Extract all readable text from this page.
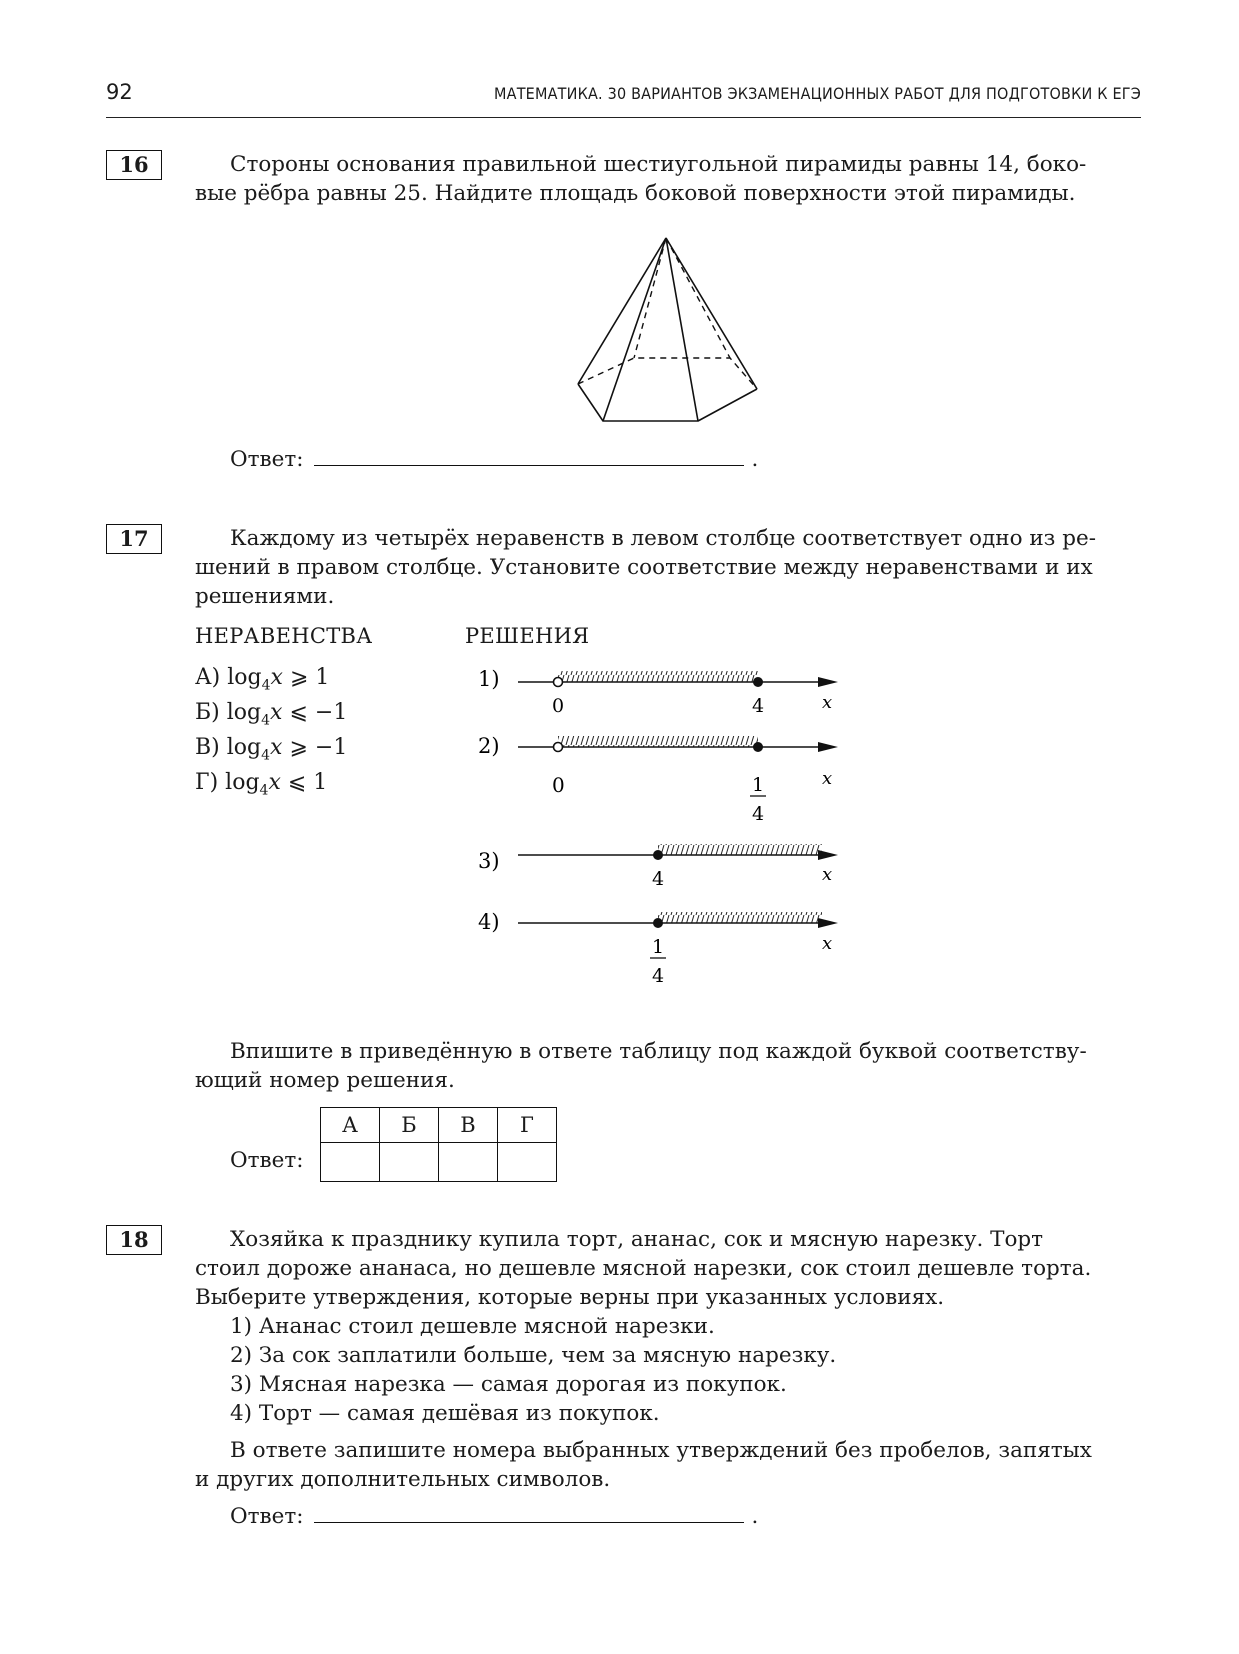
92	МАТЕМАТИКА. 30 ВАРИАНТОВ ЭКЗАМЕНАЦИОННЫХ РАБОТ ДЛЯ ПОДГОТОВКИ К ЕГЭ
16	Стороны основания правильной шестиугольной пирамиды равны 14, боко-
вые рёбра равны 25. Найдите площадь боковой поверхности этой пирамиды.
Ответ:	.
17	Каждому из четырёх неравенств в левом столбце соответствует одно из ре-
шений в правом столбце. Установите соответствие между неравенствами и их
решениями.
НЕРАВЕНСТВА	РЕШЕНИЯ
А) $\log_4x$ ⩾ 1
Б) $\log_4x$ ⩽ −1
В) $\log_4x$ ⩾ −1
Г) $\log_4x$ ⩽ 1
1)
0	4	x
2)
0	1
4
x
3)
4	x
4)
1
4
x
Впишите в приведённую в ответе таблицу под каждой буквой соответству-
ющий номер решения.
Ответ:
А	Б	В	Г

18	Хозяйка к празднику купила торт, ананас, сок и мясную нарезку. Торт
стоил дороже ананаса, но дешевле мясной нарезки, сок стоил дешевле торта.
Выберите утверждения, которые верны при указанных условиях.
1) Ананас стоил дешевле мясной нарезки.
2) За сок заплатили больше, чем за мясную нарезку.
3) Мясная нарезка — самая дорогая из покупок.
4) Торт — самая дешёвая из покупок.
В ответе запишите номера выбранных утверждений без пробелов, запятых
и других дополнительных символов.
Ответ:	.
